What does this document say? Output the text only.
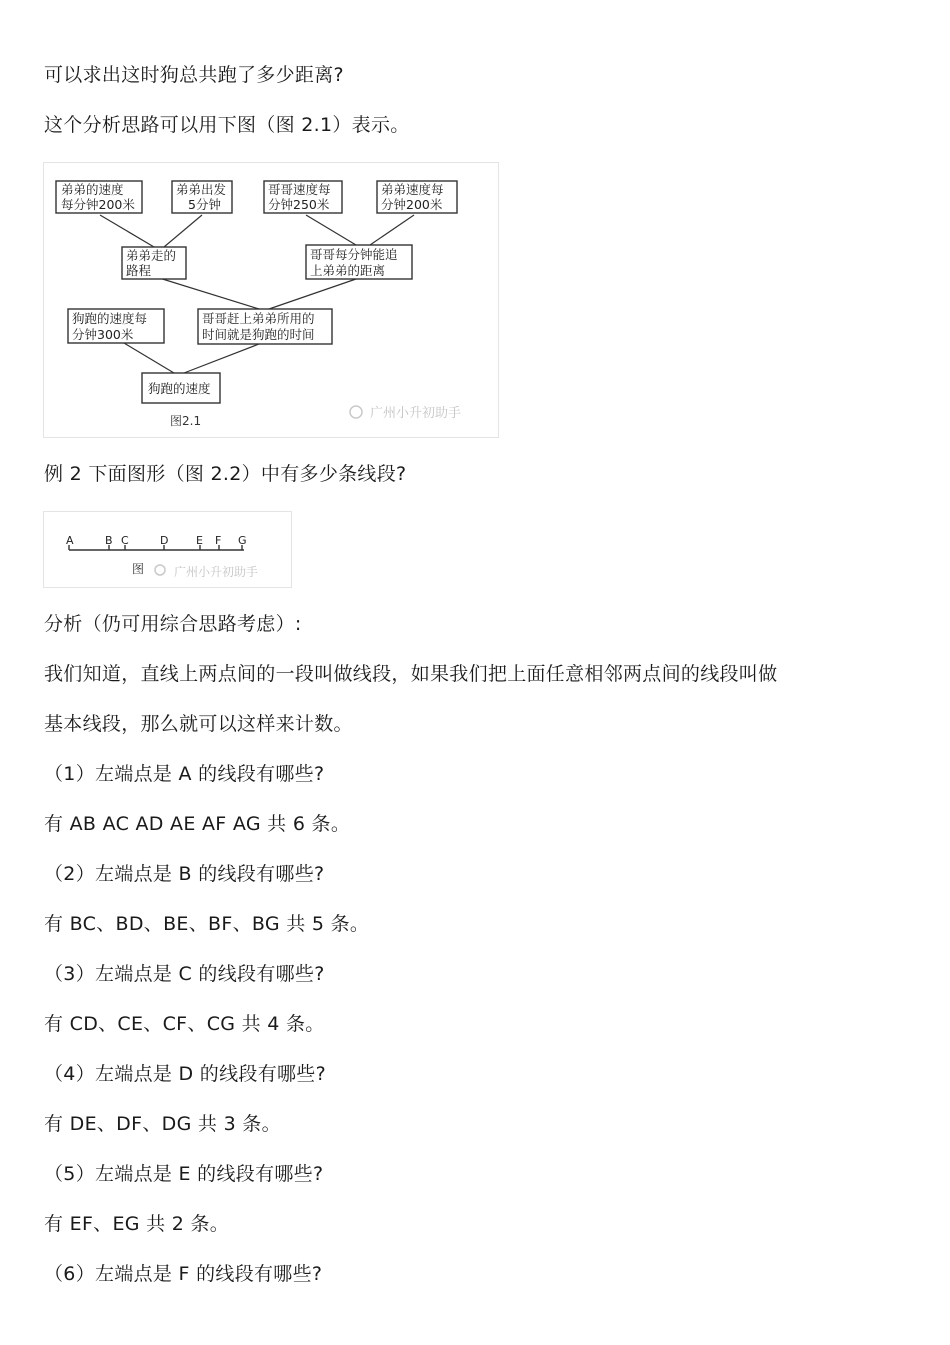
可以求出这时狗总共跑了多少距离?
这个分析思路可以用下图（图 2.1）表示。
弟弟的速度
每分钟200米
弟弟出发
5分钟
哥哥速度每
分钟250米
弟弟速度每
分钟200米
弟弟走的
路程
哥哥每分钟能追
上弟弟的距离
狗跑的速度每
分钟300米
哥哥赶上弟弟所用的
时间就是狗跑的时间
狗跑的速度
图2.1	广州小升初助手
例 2 下面图形（图 2.2）中有多少条线段?
A	B C	D	E F G
图 广州小升初助手
分析（仍可用综合思路考虑）:
我们知道，直线上两点间的一段叫做线段，如果我们把上面任意相邻两点间的线段叫做
基本线段，那么就可以这样来计数。
（1）左端点是 A 的线段有哪些?
有 AB AC AD AE AF AG 共 6 条。
（2）左端点是 B 的线段有哪些?
有 BC、BD、BE、BF、BG 共 5 条。
（3）左端点是 C 的线段有哪些?
有 CD、CE、CF、CG 共 4 条。
（4）左端点是 D 的线段有哪些?
有 DE、DF、DG 共 3 条。
（5）左端点是 E 的线段有哪些?
有 EF、EG 共 2 条。
（6）左端点是 F 的线段有哪些?
